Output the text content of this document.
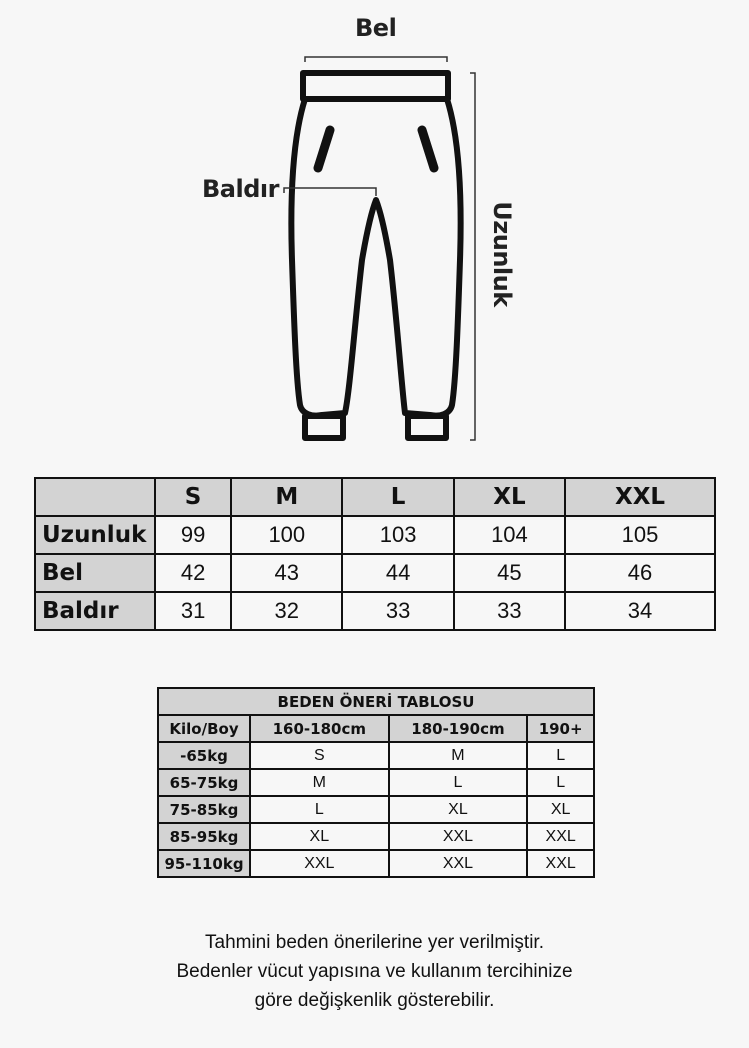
Bel
Baldır
Uzunluk
	S	M	L	XL	XXL
Uzunluk	99	100	103	104	105
Bel	42	43	44	45	46
Baldır	31	32	33	33	34
BEDEN ÖNERİ TABLOSU			
Kilo/Boy	160-180cm	180-190cm	190+
-65kg	S	M	L
65-75kg	M	L	L
75-85kg	L	XL	XL
85-95kg	XL	XXL	XXL
95-110kg	XXL	XXL	XXL
Tahmini beden önerilerine yer verilmiştir.
Bedenler vücut yapısına ve kullanım tercihinize
göre değişkenlik gösterebilir.
